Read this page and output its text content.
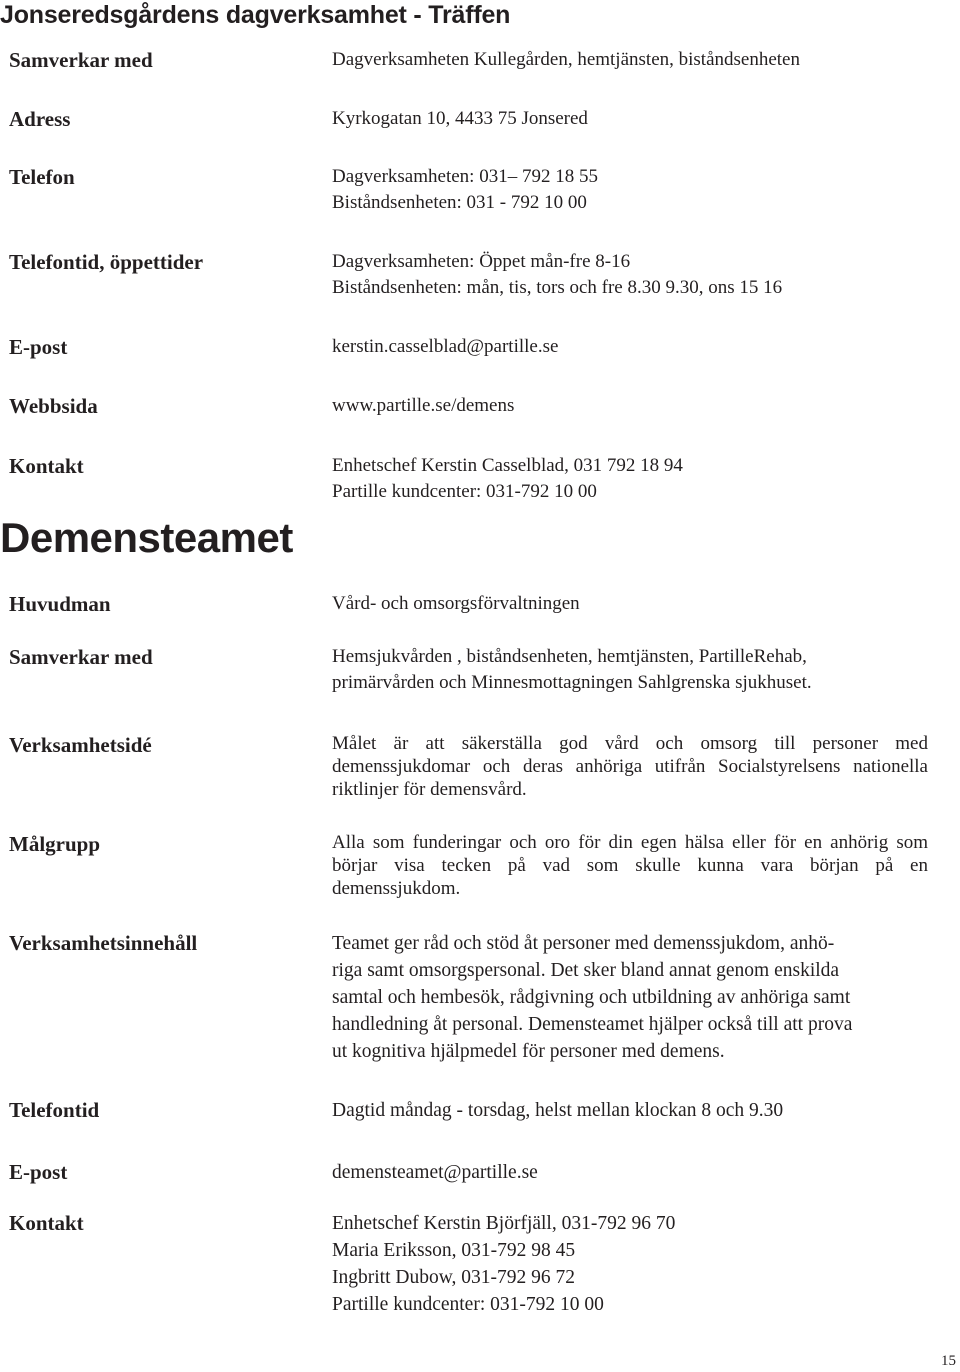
Jonseredsgårdens dagverksamhet - Träffen
Samverkar med	Dagverksamheten Kullegården, hemtjänsten, biståndsenheten
Adress	Kyrkogatan 10, 4433 75 Jonsered
Telefon	Dagverksamheten: 031– 792 18 55
Biståndsenheten: 031 - 792 10 00
Telefontid, öppettider	Dagverksamheten: Öppet mån-fre 8-16
Biståndsenheten: mån, tis, tors och fre 8.30 9.30, ons 15 16
E-post	kerstin.casselblad@partille.se
Webbsida	www.partille.se/demens
Kontakt	Enhetschef Kerstin Casselblad, 031 792 18 94
Partille kundcenter: 031-792 10 00
Demensteamet
Huvudman	Vård- och omsorgsförvaltningen
Samverkar med	Hemsjukvården , biståndsenheten, hemtjänsten, PartilleRehab,
primärvården och Minnesmottagningen Sahlgrenska sjukhuset.
Verksamhetsidé	Målet är att säkerställa god vård och omsorg till personer med demenssjukdomar och deras anhöriga utifrån Socialstyrelsens nationella riktlinjer för demensvård.
Målgrupp	Alla som funderingar och oro för din egen hälsa eller för en anhörig som börjar visa tecken på vad som skulle kunna vara början på en demenssjukdom.
Verksamhetsinnehåll	Teamet ger råd och stöd åt personer med demenssjukdom, anhö-
riga samt omsorgspersonal. Det sker bland annat genom enskilda
samtal och hembesök, rådgivning och utbildning av anhöriga samt
handledning åt personal. Demensteamet hjälper också till att prova
ut kognitiva hjälpmedel för personer med demens.
Telefontid	Dagtid måndag - torsdag, helst mellan klockan 8 och 9.30
E-post	demensteamet@partille.se
Kontakt	Enhetschef Kerstin Björfjäll, 031-792 96 70
Maria Eriksson, 031-792 98 45
Ingbritt Dubow, 031-792 96 72
Partille kundcenter: 031-792 10 00
15
